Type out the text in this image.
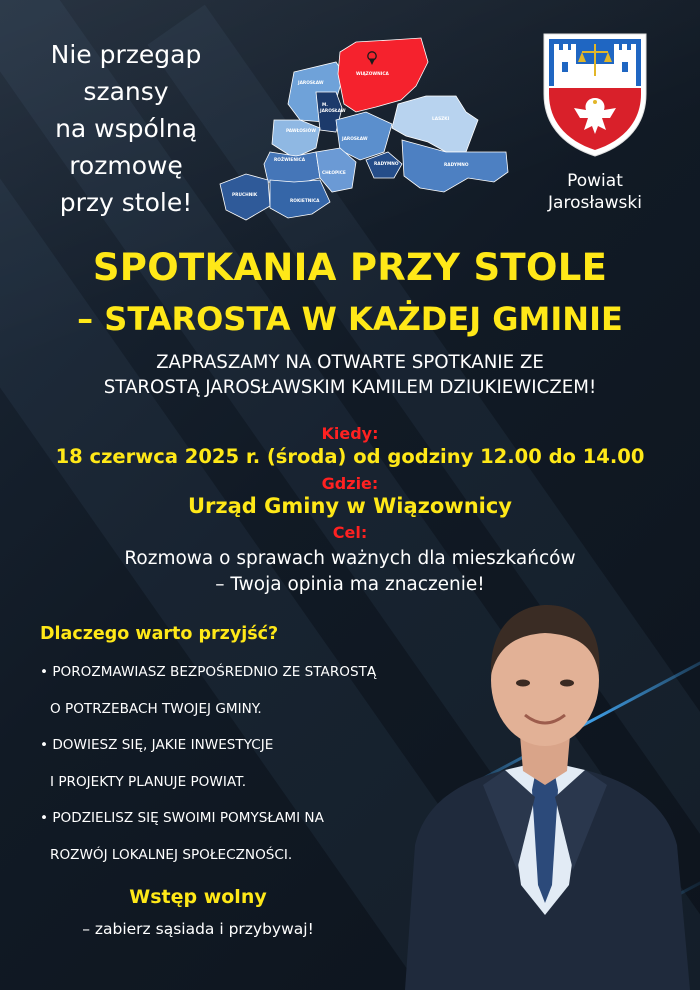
Nie przegap
szansy
na wspólną
rozmowę
przy stole!
WIĄZOWNICA
JAROSŁAW
M.
JAROSŁAW
LASZKI
PAWŁOSIÓW
JAROSŁAW
RADYMNO	RADYMNO
ROŹWIENICA
CHŁOPICE
PRUCHNIK
ROKIETNICA
Powiat
Jarosławski
SPOTKANIA PRZY STOLE
– STAROSTA W KAŻDEJ GMINIE
ZAPRASZAMY NA OTWARTE SPOTKANIE ZE
STAROSTĄ JAROSŁAWSKIM KAMILEM DZIUKIEWICZEM!
Kiedy:
18 czerwca 2025 r. (środa) od godziny 12.00 do 14.00
Gdzie:
Urząd Gminy w Wiązownicy
Cel:
Rozmowa o sprawach ważnych dla mieszkańców
– Twoja opinia ma znaczenie!
Dlaczego warto przyjść?
• POROZMAWIASZ BEZPOŚREDNIO ZE STAROSTĄ
O POTRZEBACH TWOJEJ GMINY.
• DOWIESZ SIĘ, JAKIE INWESTYCJE
I PROJEKTY PLANUJE POWIAT.
• PODZIELISZ SIĘ SWOIMI POMYSŁAMI NA
ROZWÓJ LOKALNEJ SPOŁECZNOŚCI.
Wstęp wolny
– zabierz sąsiada i przybywaj!
